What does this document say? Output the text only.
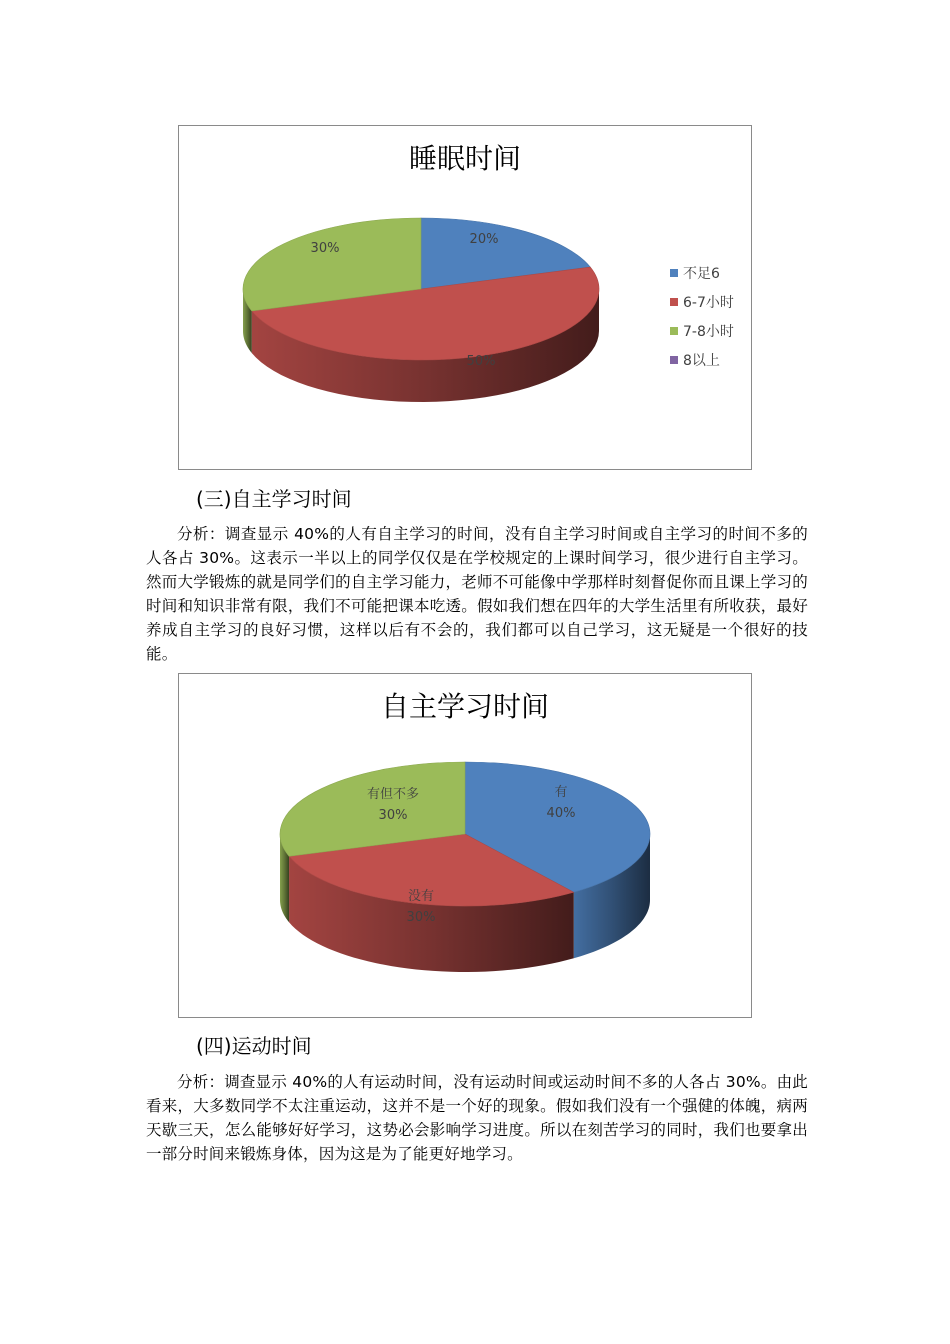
睡眠时间
20%
50%
30%
不足6
6-7小时
7-8小时
8以上
(三)自主学习时间

分析：调查显示 40%的人有自主学习的时间，没有自主学习时间或自主学习的时间不多的人各占 30%。这表示一半以上的同学仅仅是在学校规定的上课时间学习，很少进行自主学习。然而大学锻炼的就是同学们的自主学习能力，老师不可能像中学那样时刻督促你而且课上学习的时间和知识非常有限，我们不可能把课本吃透。假如我们想在四年的大学生活里有所收获，最好养成自主学习的良好习惯，这样以后有不会的，我们都可以自己学习，这无疑是一个很好的技能。

自主学习时间
有 40%
没有 30%
有但不多 30%
(四)运动时间

分析：调查显示 40%的人有运动时间，没有运动时间或运动时间不多的人各占 30%。由此看来，大多数同学不太注重运动，这并不是一个好的现象。假如我们没有一个强健的体魄，病两天歇三天，怎么能够好好学习，这势必会影响学习进度。所以在刻苦学习的同时，我们也要拿出一部分时间来锻炼身体，因为这是为了能更好地学习。
